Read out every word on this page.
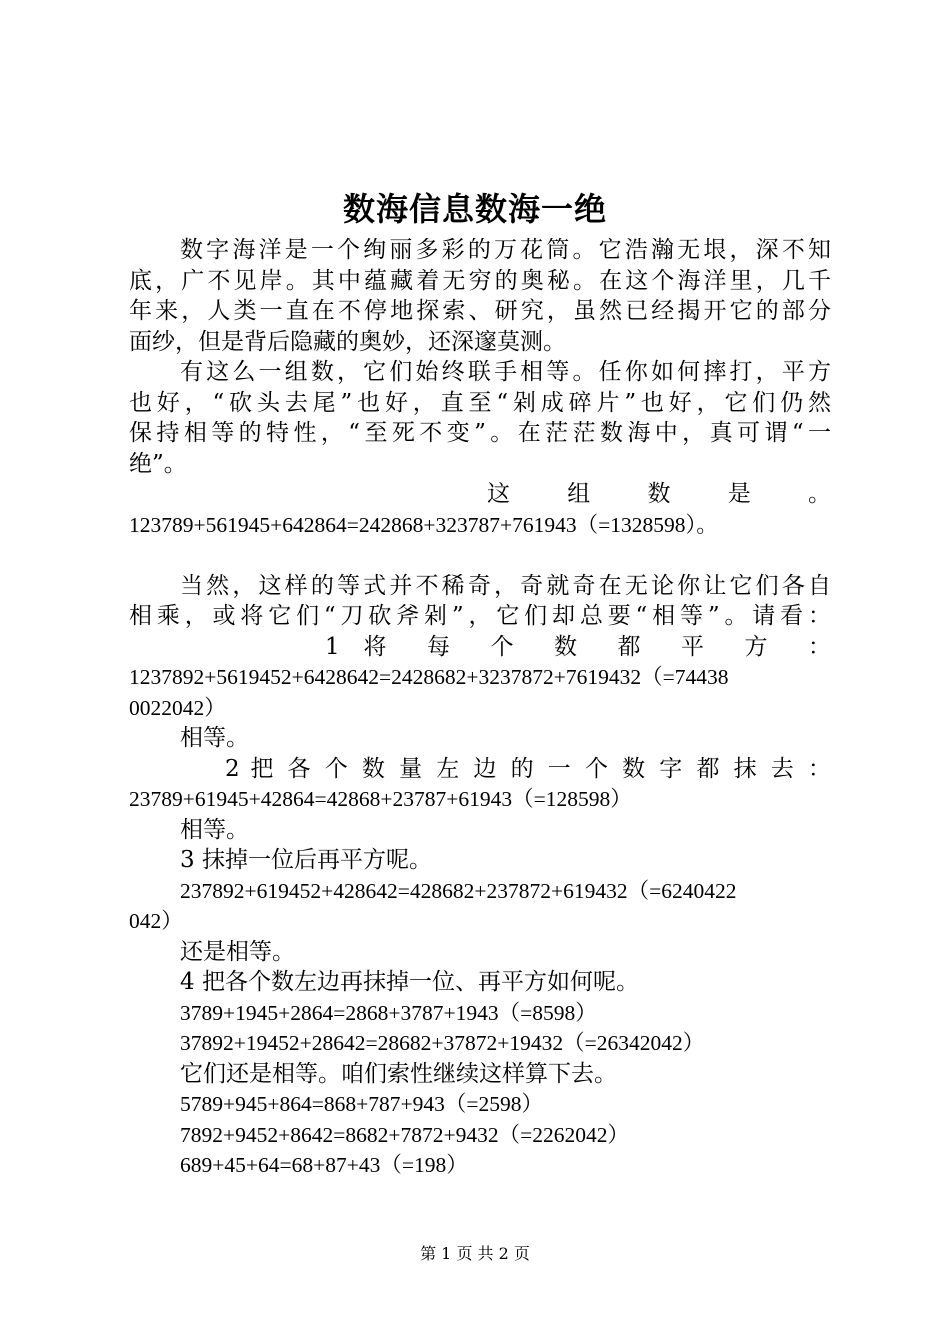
数海信息数海一绝
数字海洋是一个绚丽多彩的万花筒。它浩瀚无垠，深不知
底，广不见岸。其中蕴藏着无穷的奥秘。在这个海洋里，几千
年来，人类一直在不停地探索、研究，虽然已经揭开它的部分
面纱，但是背后隐藏的奥妙，还深邃莫测。
有这么一组数，它们始终联手相等。任你如何摔打，平方
也好，“砍头去尾”也好，直至“剁成碎片”也好，它们仍然
保持相等的特性，“至死不变”。在茫茫数海中，真可谓“一
绝”。
这 组 数 是 。
123789+561945+642864=242868+323787+761943（=1328598）。
当然，这样的等式并不稀奇，奇就奇在无论你让它们各自
相乘，或将它们“刀砍斧剁”，它们却总要“相等”。请看：
1 将 每 个 数 都 平 方 ：
1237892+5619452+6428642=2428682+3237872+7619432（=74438
0022042）
相等。
2 把 各 个 数 量 左 边 的 一 个 数 字 都 抹 去 ：
23789+61945+42864=42868+23787+61943（=128598）
相等。
3 抹掉一位后再平方呢。
237892+619452+428642=428682+237872+619432（=6240422
042）
还是相等。
4 把各个数左边再抹掉一位、再平方如何呢。
3789+1945+2864=2868+3787+1943（=8598）
37892+19452+28642=28682+37872+19432（=26342042）
它们还是相等。咱们索性继续这样算下去。
5789+945+864=868+787+943（=2598）
7892+9452+8642=8682+7872+9432（=2262042）
689+45+64=68+87+43（=198）
第 1 页 共 2 页
